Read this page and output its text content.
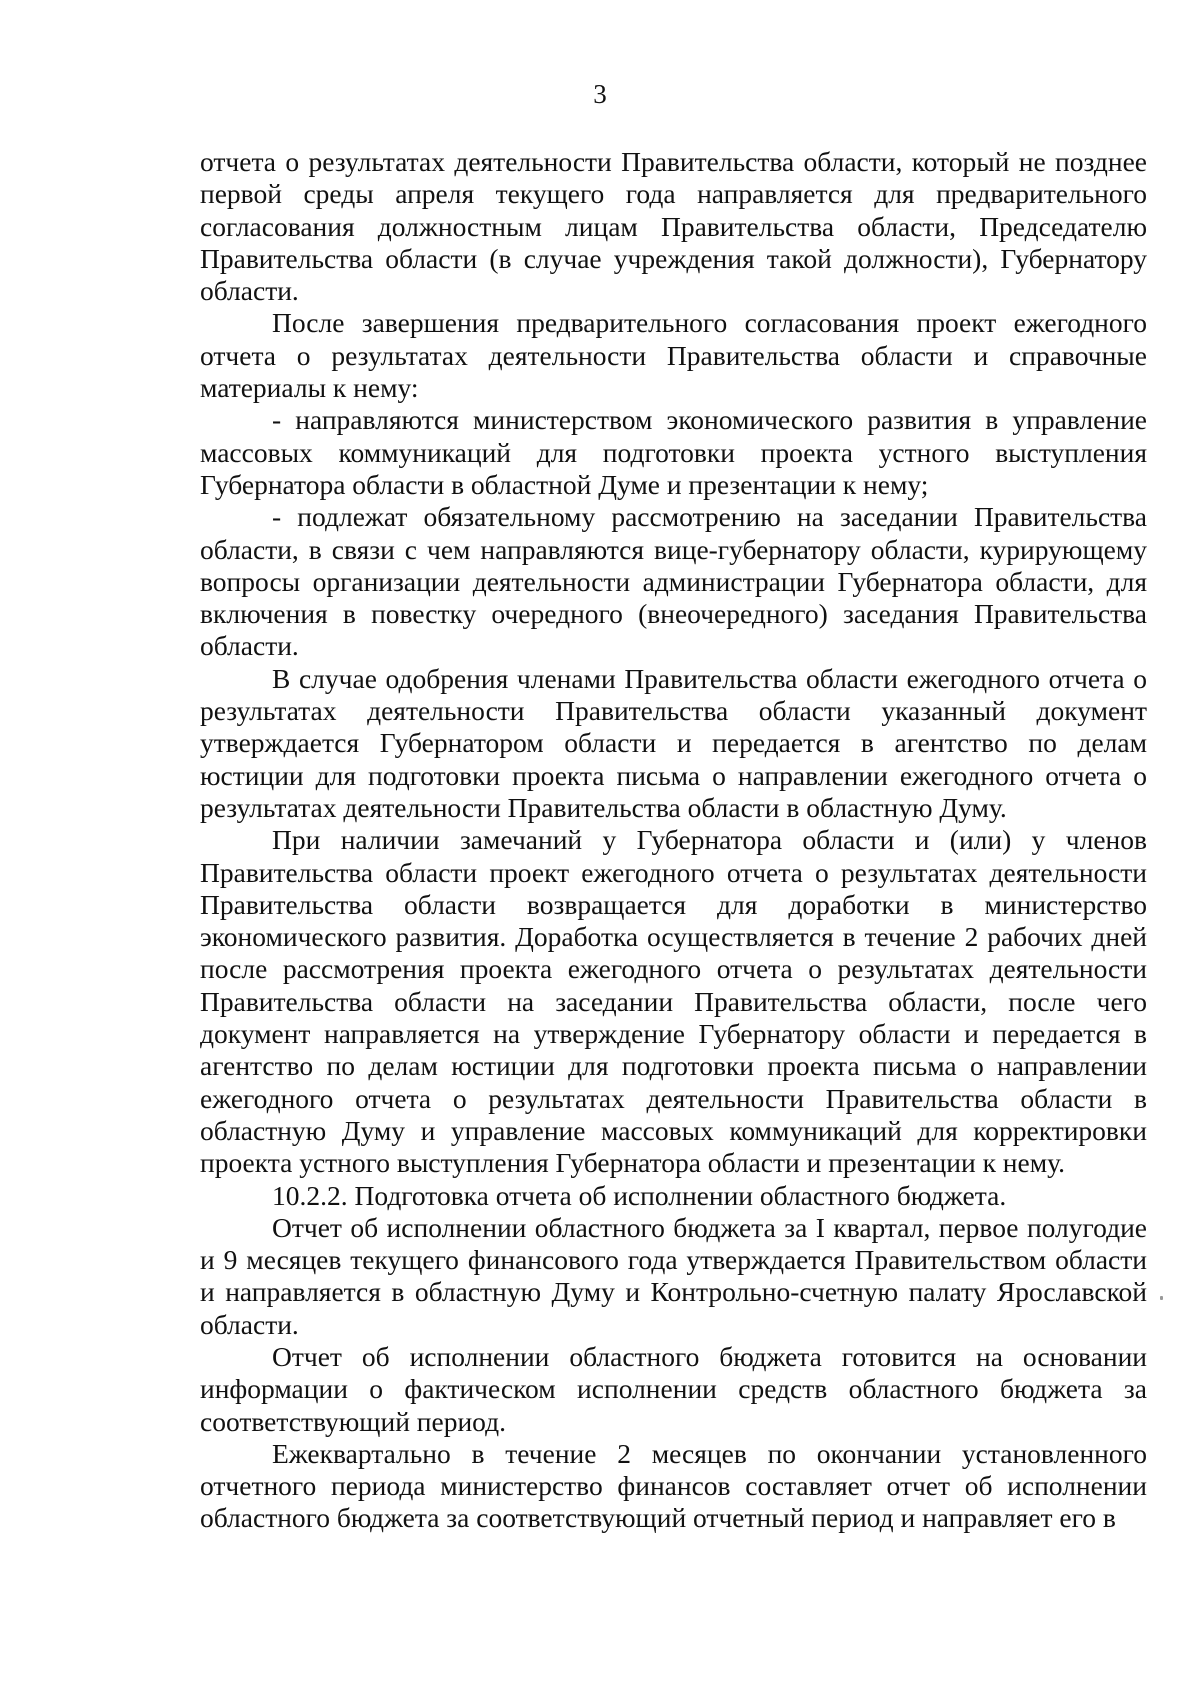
3

отчета о результатах деятельности Правительства области, который не позднее первой среды апреля текущего года направляется для предварительного согласования должностным лицам Правительства области, Председателю Правительства области (в случае учреждения такой должности), Губернатору области.

После завершения предварительного согласования проект ежегодного отчета о результатах деятельности Правительства области и справочные материалы к нему:

- направляются министерством экономического развития в управление массовых коммуникаций для подготовки проекта устного выступления Губернатора области в областной Думе и презентации к нему;

- подлежат обязательному рассмотрению на заседании Правительства области, в связи с чем направляются вице-губернатору области, курирующему вопросы организации деятельности администрации Губернатора области, для включения в повестку очередного (внеочередного) заседания Правительства области.

В случае одобрения членами Правительства области ежегодного отчета о результатах деятельности Правительства области указанный документ утверждается Губернатором области и передается в агентство по делам юстиции для подготовки проекта письма о направлении ежегодного отчета о результатах деятельности Правительства области в областную Думу.

При наличии замечаний у Губернатора области и (или) у членов Правительства области проект ежегодного отчета о результатах деятельности Правительства области возвращается для доработки в министерство экономического развития. Доработка осуществляется в течение 2 рабочих дней после рассмотрения проекта ежегодного отчета о результатах деятельности Правительства области на заседании Правительства области, после чего документ направляется на утверждение Губернатору области и передается в агентство по делам юстиции для подготовки проекта письма о направлении ежегодного отчета о результатах деятельности Правительства области в областную Думу и управление массовых коммуникаций для корректировки проекта устного выступления Губернатора области и презентации к нему.

10.2.2. Подготовка отчета об исполнении областного бюджета.

Отчет об исполнении областного бюджета за I квартал, первое полугодие и 9 месяцев текущего финансового года утверждается Правительством области и направляется в областную Думу и Контрольно-счетную палату Ярославской области.

Отчет об исполнении областного бюджета готовится на основании информации о фактическом исполнении средств областного бюджета за соответствующий период.

Ежеквартально в течение 2 месяцев по окончании установленного отчетного периода министерство финансов составляет отчет об исполнении областного бюджета за соответствующий отчетный период и направляет его в
